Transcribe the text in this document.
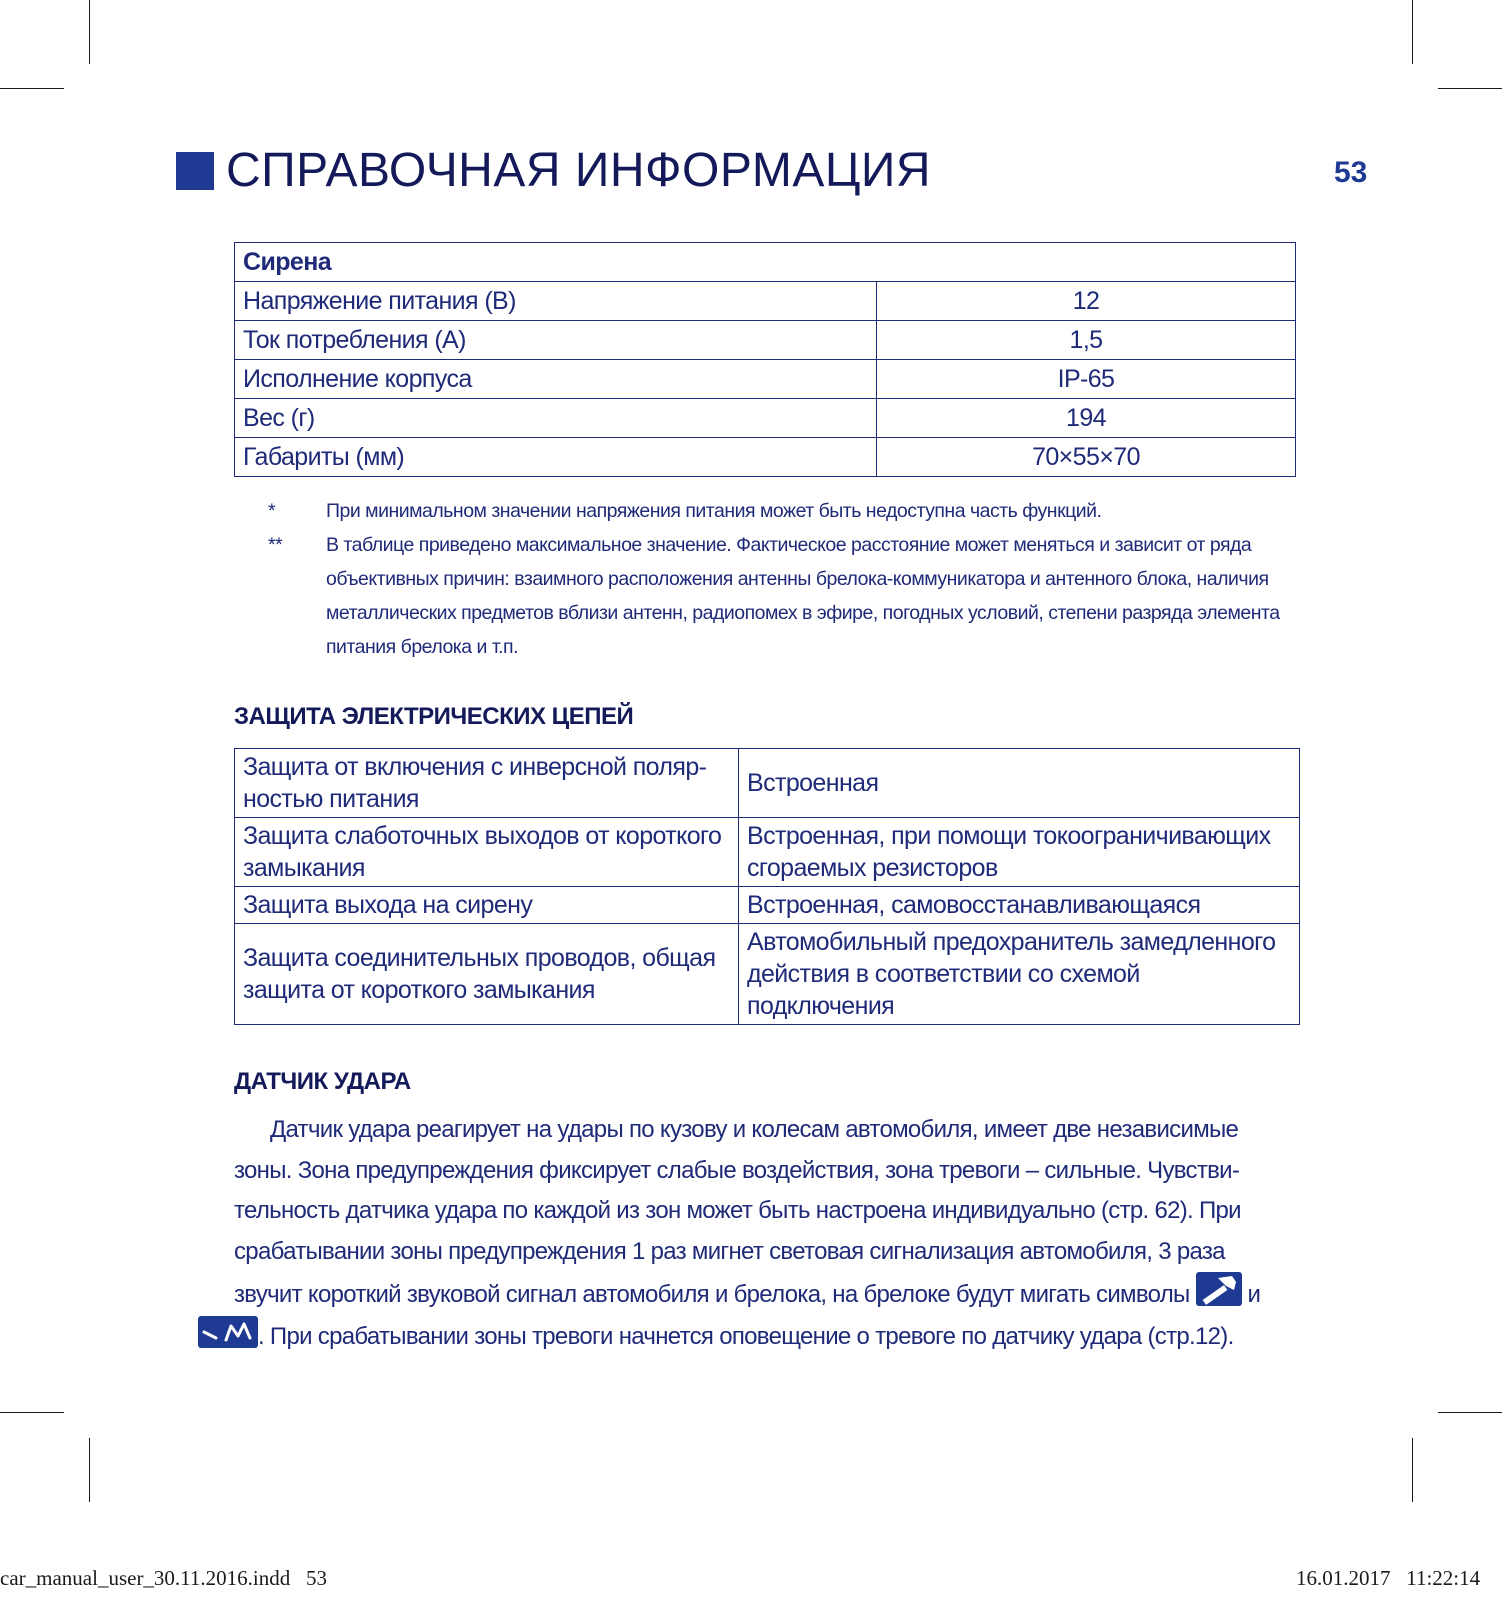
СПРАВОЧНАЯ ИНФОРМАЦИЯ	53
Сирена	
Напряжение питания (В)	12
Ток потребления (А)	1,5
Исполнение корпуса	IP-65
Вес (г)	194
Габариты (мм)	70×55×70
*	При минимальном значении напряжения питания может быть недоступна часть функций.
**	В таблице приведено максимальное значение. Фактическое расстояние может меняться и зависит от ряда объективных причин: взаимного расположения антенны брелока-коммуникатора и антенного блока, наличия металлических предметов вблизи антенн, радиопомех в эфире, погодных условий, степени разряда элемента питания брелока и т.п.
ЗАЩИТА ЭЛЕКТРИЧЕСКИХ ЦЕПЕЙ
Защита от включения с инверсной поляр-ностью питания	Встроенная
Защита слаботочных выходов от короткого замыкания	Встроенная, при помощи токоограничивающих сгораемых резисторов
Защита выхода на сирену	Встроенная, самовосстанавливающаяся
Защита соединительных проводов, общая защита от короткого замыкания	Автомобильный предохранитель замедленного действия в соответствии со схемой подключения
ДАТЧИК УДАРА
Датчик удара реагирует на удары по кузову и колесам автомобиля, имеет две независимые зоны. Зона предупреждения фиксирует слабые воздействия, зона тревоги – сильные. Чувстви-тельность датчика удара по каждой из зон может быть настроена индивидуально (стр. 62). При срабатывании зоны предупреждения 1 раз мигнет световая сигнализация автомобиля, 3 раза звучит короткий звуковой сигнал автомобиля и брелока, на брелоке будут мигать символы и

. При срабатывании зоны тревоги начнется оповещение о тревоге по датчику удара (стр.12).
car_manual_user_30.11.2016.indd   53	16.01.2017   11:22:14
